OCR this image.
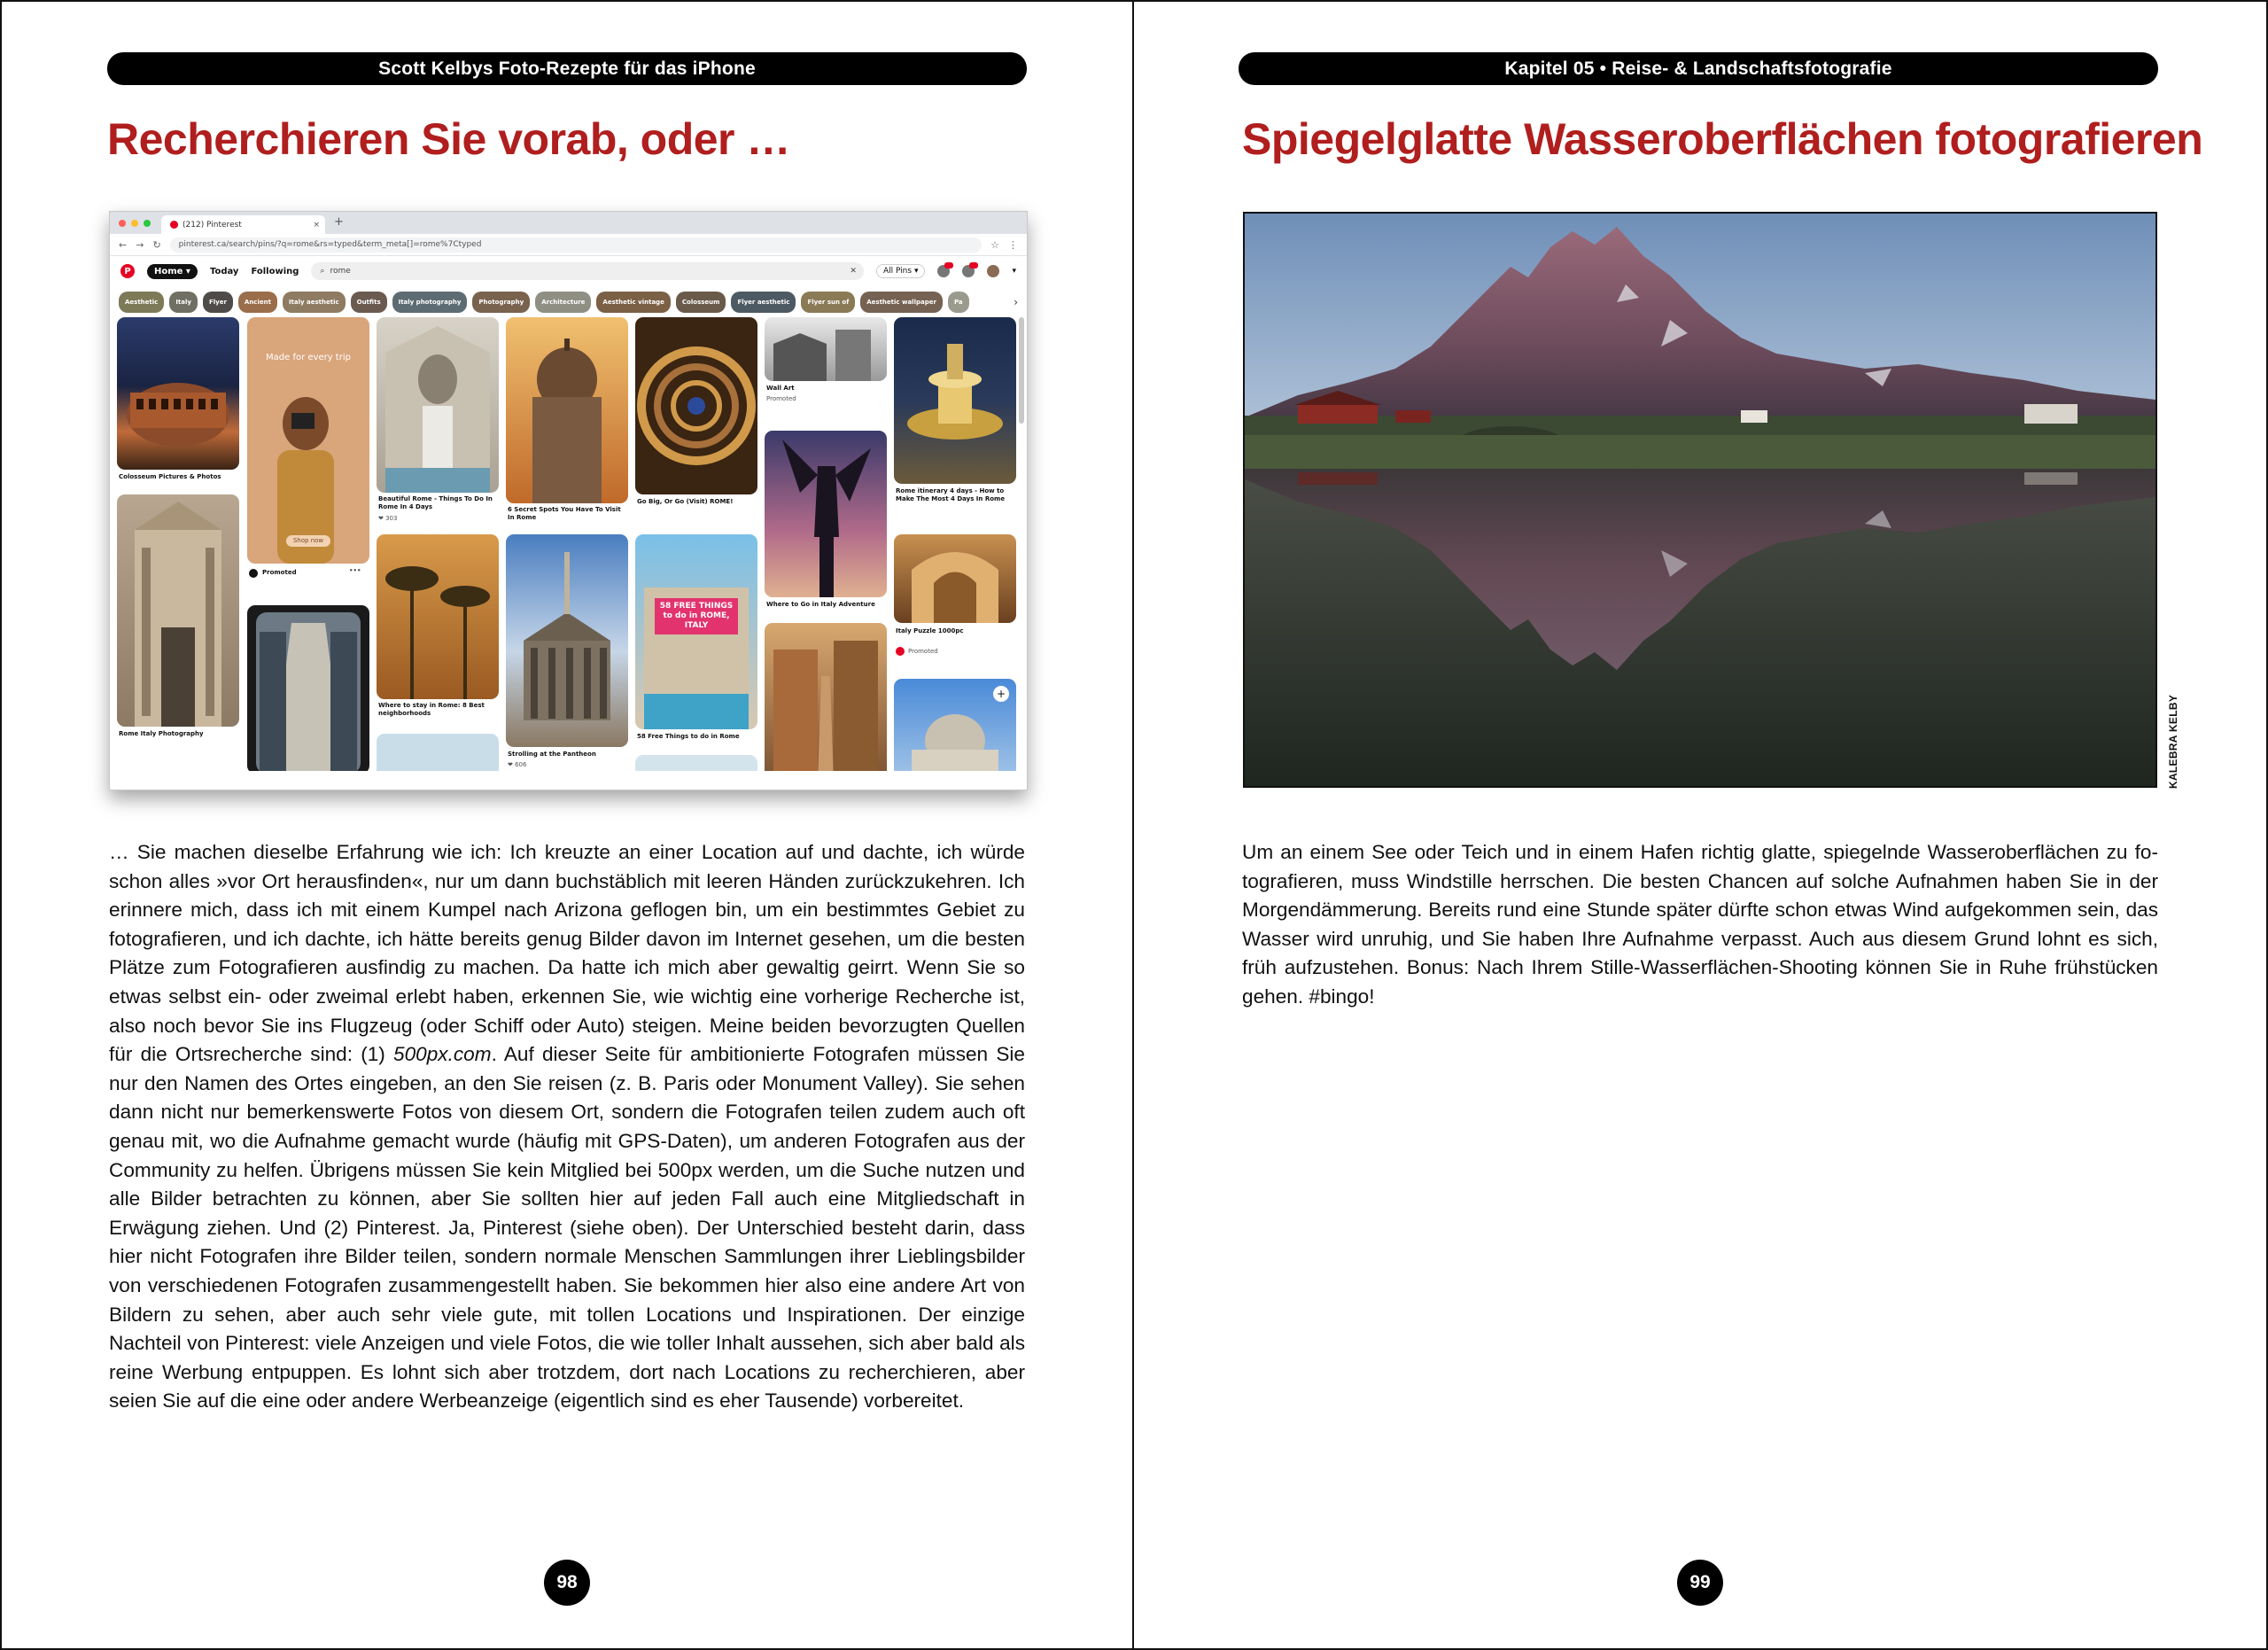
Scott Kelbys Foto-Rezepte für das iPhone
Recherchieren Sie vorab, oder …
(212) Pinterest	× +
← → ↻	pinterest.ca/search/pins/?q=rome&rs=typed&term_meta[]=rome%7Ctyped	☆ ⋮
P	Home ▾	Today Following	⌕ rome	✕	All Pins ▾	▾
Aesthetic	Italy	Flyer	Ancient	Italy aesthetic	Outfits	Italy photography	Photography	Architecture	Aesthetic vintage	Colosseum	Flyer aesthetic	Flyer sun of	Aesthetic wallpaper	Pa	›
Colosseum Pictures & Photos
Rome Italy Photography
Made for every trip
Shop now
Promoted	•••
Beautiful Rome - Things To Do In Rome In 4 Days
❤ 303
Where to stay in Rome: 8 Best neighborhoods
6 Secret Spots You Have To Visit In Rome
Strolling at the Pantheon
❤ 606
Go Big, Or Go (Visit) ROME!
58 FREE THINGS to do in ROME, ITALY
58 Free Things to do in Rome
Wall Art
Promoted
Where to Go in Italy Adventure
Rome itinerary 4 days - How to Make The Most 4 Days In Rome
Italy Puzzle 1000pc
Promoted
+

… Sie machen dieselbe Erfahrung wie ich: Ich kreuzte an einer Location auf und dachte, ich würde schon alles »vor Ort herausfinden«, nur um dann buchstäblich mit leeren Händen zurückzukehren. Ich erinnere mich, dass ich mit einem Kumpel nach Arizona geflogen bin, um ein bestimmtes Gebiet zu fotografieren, und ich dachte, ich hätte bereits genug Bilder davon im Internet gesehen, um die besten Plätze zum Fotografieren ausfindig zu machen. Da hatte ich mich aber gewaltig geirrt. Wenn Sie so etwas selbst ein- oder zweimal erlebt haben, erkennen Sie, wie wichtig eine vorherige Recherche ist, also noch bevor Sie ins Flugzeug (oder Schiff oder Auto) steigen. Meine beiden bevorzugten Quellen für die Ortsrecherche sind: (1) 500px.com. Auf dieser Seite für ambitionierte Fotografen müssen Sie nur den Namen des Ortes eingeben, an den Sie reisen (z. B. Paris oder Monument Valley). Sie sehen dann nicht nur bemerkenswerte Fotos von diesem Ort, sondern die Fotografen teilen zudem auch oft genau mit, wo die Aufnahme gemacht wurde (häufig mit GPS-Daten), um anderen Fotografen aus der Community zu helfen. Übrigens müssen Sie kein Mitglied bei 500px werden, um die Suche nutzen und alle Bilder betrachten zu können, aber Sie sollten hier auf jeden Fall auch eine Mitgliedschaft in Erwägung ziehen. Und (2) Pinterest. Ja, Pinterest (siehe oben). Der Unterschied besteht darin, dass hier nicht Fotografen ihre Bilder teilen, sondern normale Menschen Sammlungen ihrer Lieblingsbilder von verschiedenen Fotografen zusammengestellt haben. Sie bekommen hier also eine andere Art von Bildern zu sehen, aber auch sehr viele gute, mit tollen Locations und Inspirationen. Der einzige Nachteil von Pinterest: viele Anzeigen und viele Fotos, die wie toller Inhalt aussehen, sich aber bald als reine Werbung entpuppen. Es lohnt sich aber trotzdem, dort nach Locations zu recherchieren, aber seien Sie auf die eine oder andere Werbeanzeige (eigentlich sind es eher Tausende) vorbereitet.

98
Kapitel 05 • Reise- & Landschaftsfotografie
Spiegelglatte Wasseroberflächen fotografieren
KALEBRA KELBY

Um an einem See oder Teich und in einem Hafen richtig glatte, spiegelnde Wasseroberflächen zu fotografieren, muss Windstille herrschen. Die besten Chancen auf solche Aufnahmen haben Sie in der Morgendämmerung. Bereits rund eine Stunde später dürfte schon etwas Wind aufgekommen sein, das Wasser wird unruhig, und Sie haben Ihre Aufnahme verpasst. Auch aus diesem Grund lohnt es sich, früh aufzustehen. Bonus: Nach Ihrem Stille-Wasserflächen-Shooting können Sie in Ruhe frühstücken gehen. #bingo!

99
